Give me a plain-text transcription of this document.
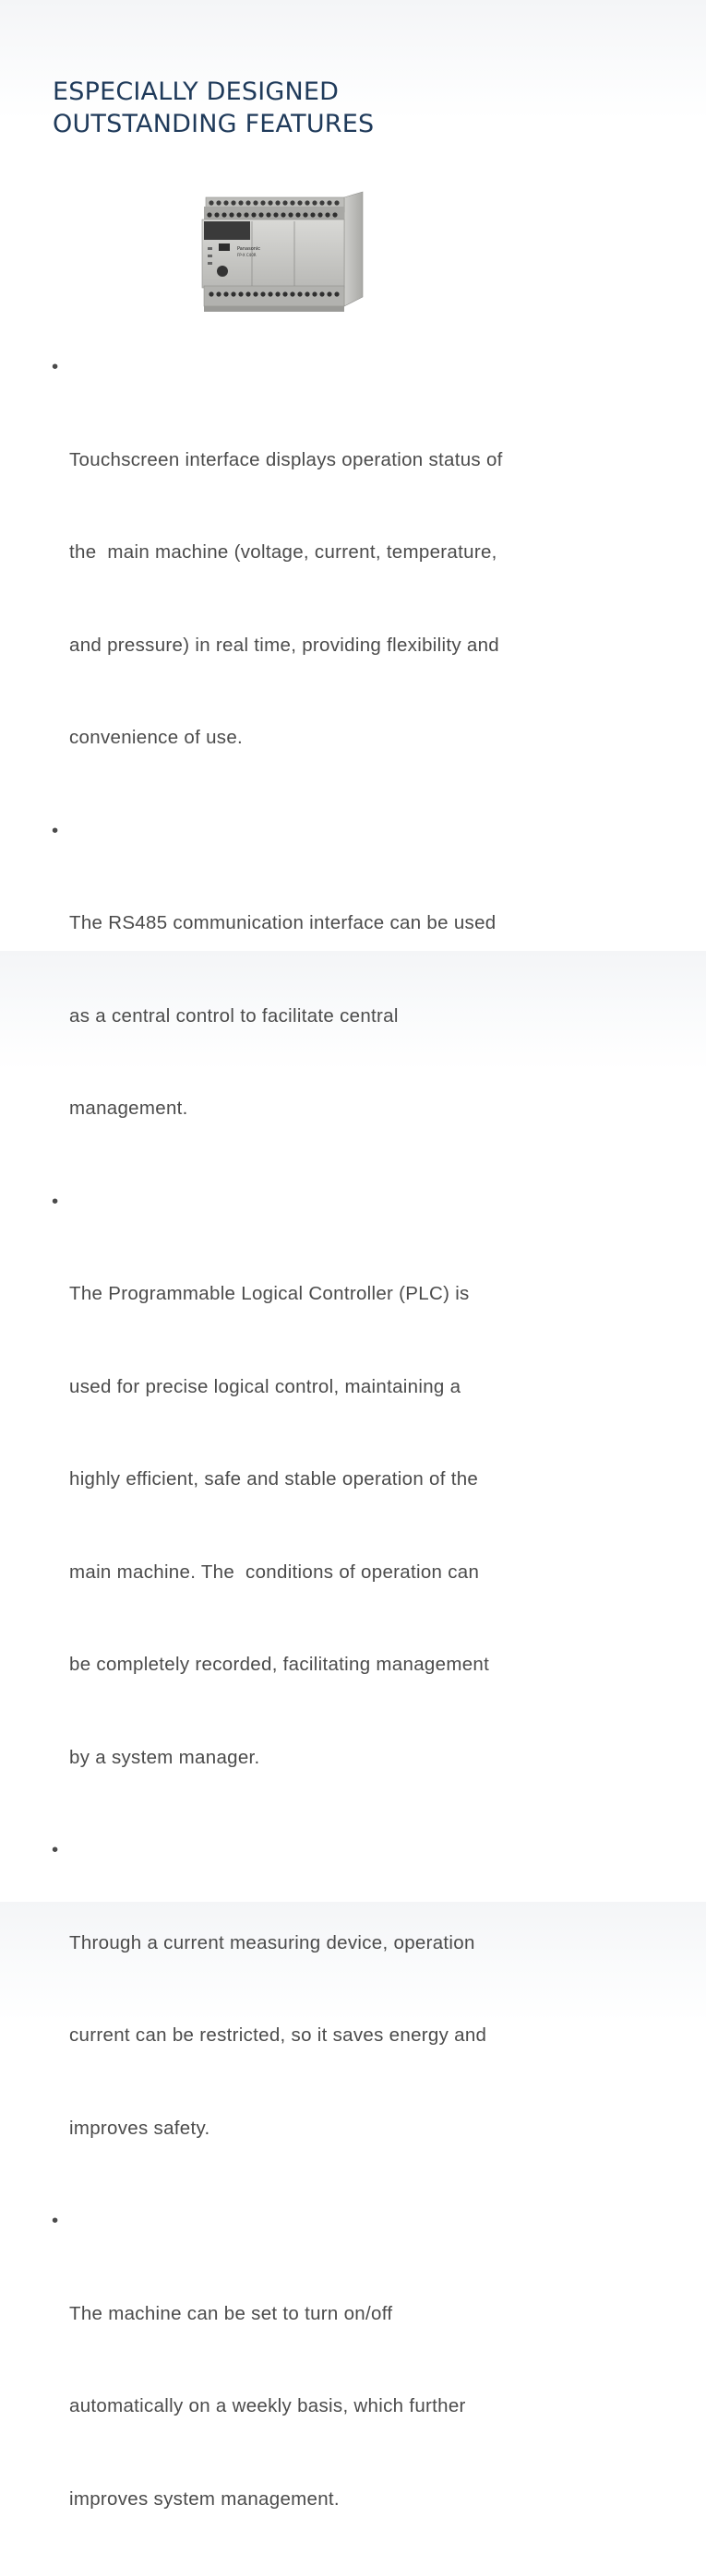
ESPECIALLY DESIGNED
OUTSTANDING FEATURES
Panasonic
FP-X C40R

•

Touchscreen interface displays operation status of

the  main machine (voltage, current, temperature,

and pressure) in real time, providing flexibility and

convenience of use.

•

The RS485 communication interface can be used

as a central control to facilitate central

management.

•

The Programmable Logical Controller (PLC) is

used for precise logical control, maintaining a

highly efficient, safe and stable operation of the

main machine. The  conditions of operation can

be completely recorded, facilitating management

by a system manager.

•

Through a current measuring device, operation

current can be restricted, so it saves energy and

improves safety.

•

The machine can be set to turn on/off

automatically on a weekly basis, which further

improves system management.
